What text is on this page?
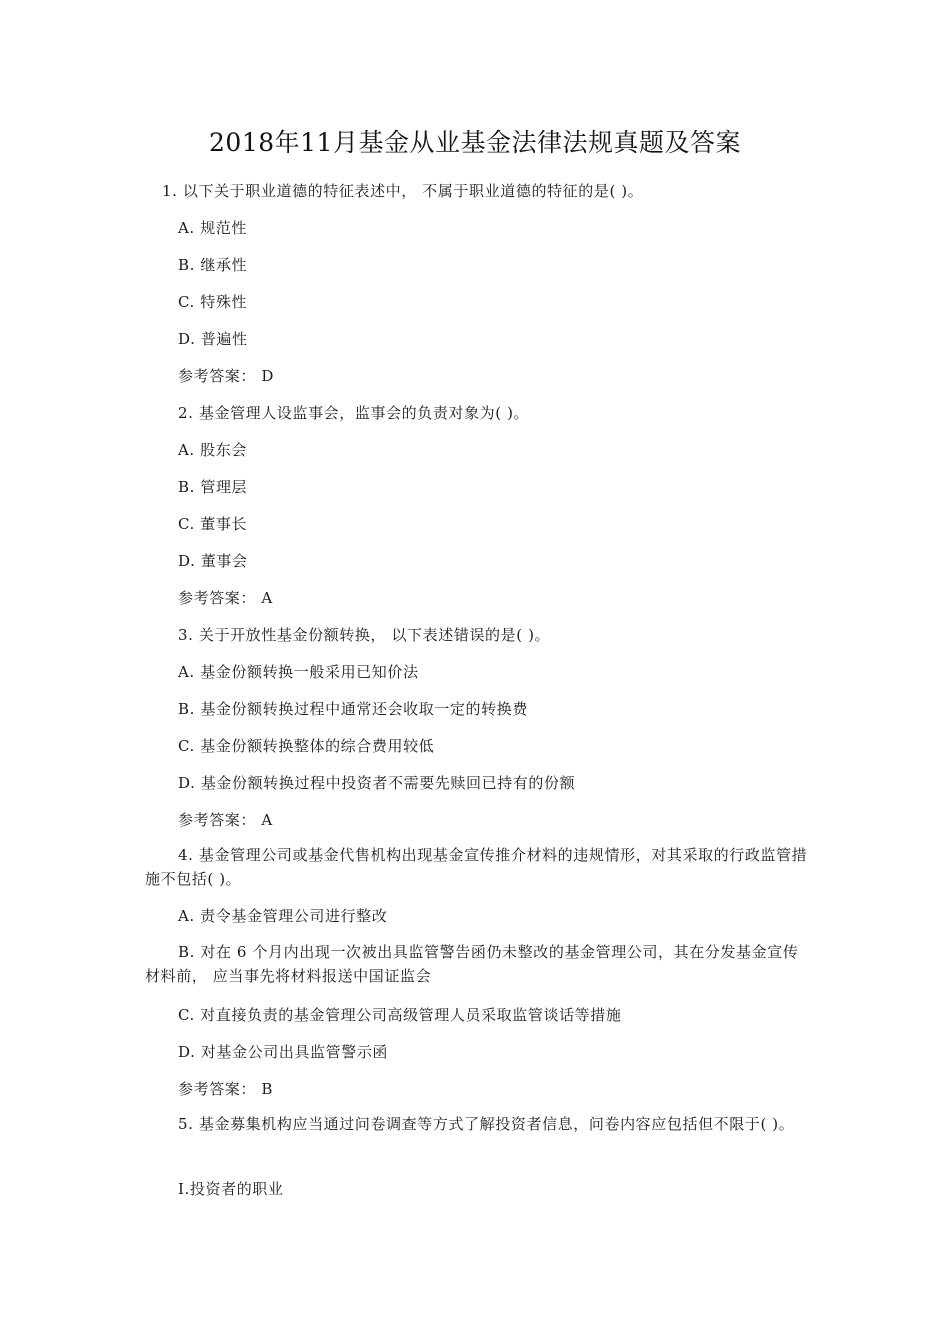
2018年11月基金从业基金法律法规真题及答案
1. 以下关于职业道德的特征表述中， 不属于职业道德的特征的是( )。
A. 规范性
B. 继承性
C. 特殊性
D. 普遍性
参考答案： D
2. 基金管理人设监事会，监事会的负责对象为( )。
A. 股东会
B. 管理层
C. 董事长
D. 董事会
参考答案： A
3. 关于开放性基金份额转换， 以下表述错误的是( )。
A. 基金份额转换一般采用已知价法
B. 基金份额转换过程中通常还会收取一定的转换费
C. 基金份额转换整体的综合费用较低
D. 基金份额转换过程中投资者不需要先赎回已持有的份额
参考答案： A
4. 基金管理公司或基金代售机构出现基金宣传推介材料的违规情形，对其采取的行政监管措施不包括( )。
A. 责令基金管理公司进行整改
B. 对在 6 个月内出现一次被出具监管警告函仍未整改的基金管理公司，其在分发基金宣传材料前， 应当事先将材料报送中国证监会
C. 对直接负责的基金管理公司高级管理人员采取监管谈话等措施
D. 对基金公司出具监管警示函
参考答案： B
5. 基金募集机构应当通过问卷调查等方式了解投资者信息，问卷内容应包括但不限于( )。
Ⅰ.投资者的职业
